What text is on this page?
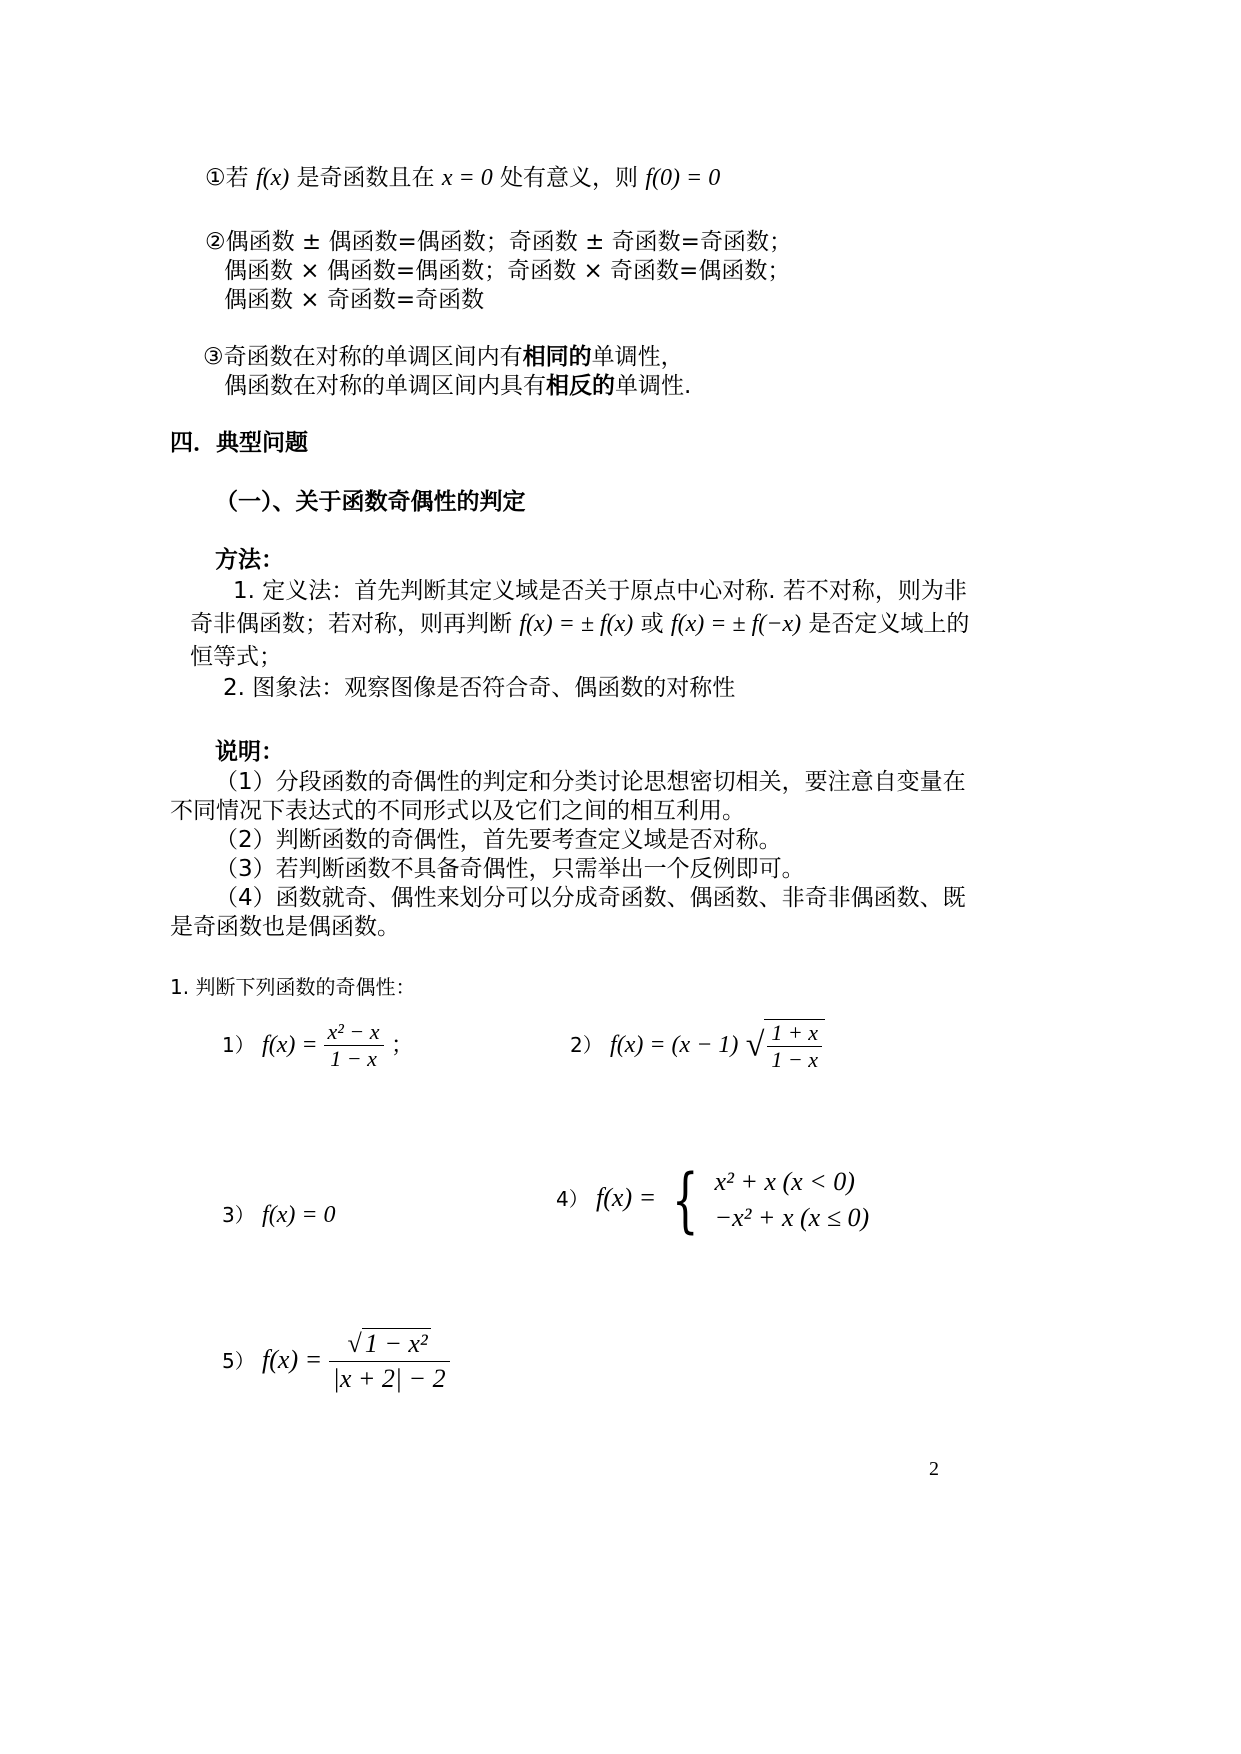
①若 f(x) 是奇函数且在 x = 0 处有意义，则 f(0) = 0
②偶函数 ± 偶函数=偶函数；奇函数 ± 奇函数=奇函数；
偶函数 × 偶函数=偶函数；奇函数 × 奇函数=偶函数；
偶函数 × 奇函数=奇函数
③奇函数在对称的单调区间内有相同的单调性，
偶函数在对称的单调区间内具有相反的单调性.
四．典型问题
（一）、关于函数奇偶性的判定
方法：
1. 定义法：首先判断其定义域是否关于原点中心对称. 若不对称，则为非
奇非偶函数；若对称，则再判断 f(x) = ± f(x) 或 f(x) = ± f(−x) 是否定义域上的
恒等式；
2. 图象法：观察图像是否符合奇、偶函数的对称性
说明：
（1）分段函数的奇偶性的判定和分类讨论思想密切相关，要注意自变量在
不同情况下表达式的不同形式以及它们之间的相互利用。
（2）判断函数的奇偶性，首先要考查定义域是否对称。
（3）若判断函数不具备奇偶性，只需举出一个反例即可。
（4）函数就奇、偶性来划分可以分成奇函数、偶函数、非奇非偶函数、既
是奇函数也是偶函数。
1. 判断下列函数的奇偶性：
1） $f(x) = \frac{\text{x² − x}}{1 - x}$ ；	2） f(x) = (x − 1) √ $\frac{1 + x}{1 - x}$
3） f(x) = 0
4） f(x) = { x² + x (x < 0)
−x² + x (x ≤ 0)
5） $f(x) = \frac{\text{√ 1 − x²}}{|x + 2| - 2}$
2
